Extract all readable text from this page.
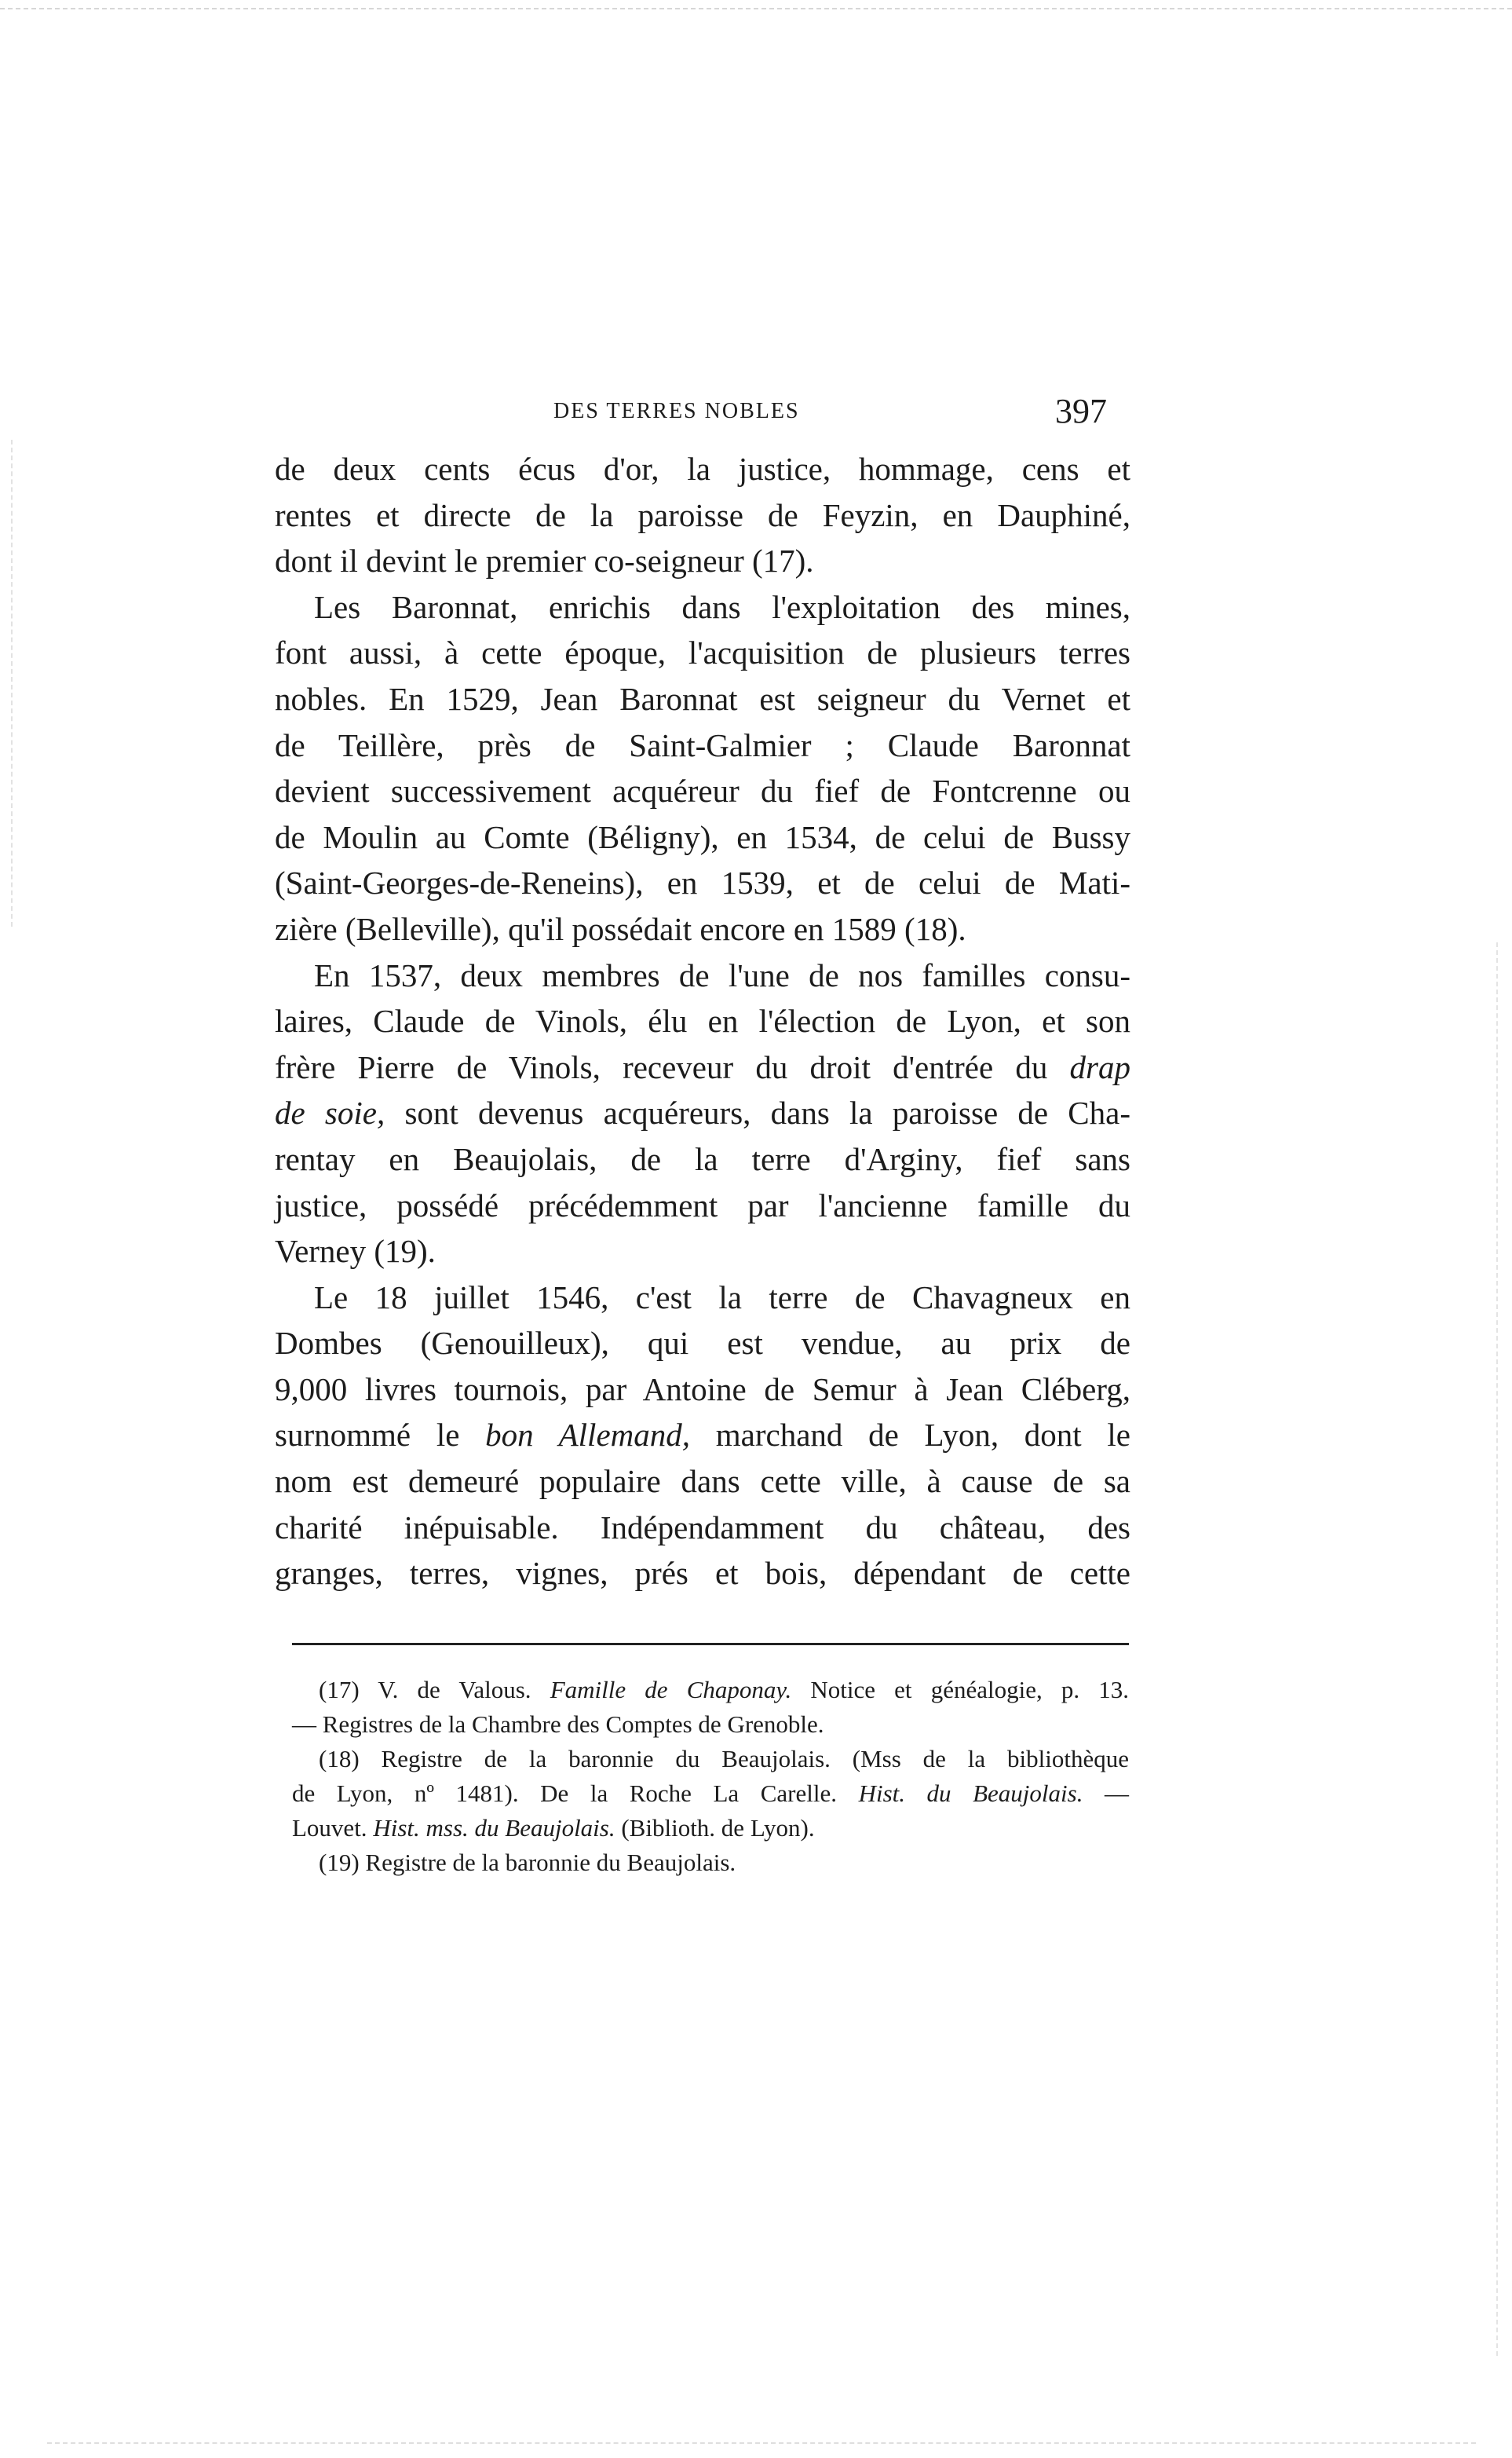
DES TERRES NOBLES	397
de deux cents écus d'or, la justice, hommage, cens et
rentes et directe de la paroisse de Feyzin, en Dauphiné,
dont il devint le premier co-seigneur (17).
Les Baronnat, enrichis dans l'exploitation des mines,
font aussi, à cette époque, l'acquisition de plusieurs terres
nobles. En 1529, Jean Baronnat est seigneur du Vernet et
de Teillère, près de Saint-Galmier ; Claude Baronnat
devient successivement acquéreur du fief de Fontcrenne ou
de Moulin au Comte (Béligny), en 1534, de celui de Bussy
(Saint-Georges-de-Reneins), en 1539, et de celui de Mati-
zière (Belleville), qu'il possédait encore en 1589 (18).
En 1537, deux membres de l'une de nos familles consu-
laires, Claude de Vinols, élu en l'élection de Lyon, et son
frère Pierre de Vinols, receveur du droit d'entrée du drap
de soie, sont devenus acquéreurs, dans la paroisse de Cha-
rentay en Beaujolais, de la terre d'Arginy, fief sans
justice, possédé précédemment par l'ancienne famille du
Verney (19).
Le 18 juillet 1546, c'est la terre de Chavagneux en
Dombes (Genouilleux), qui est vendue, au prix de
9,000 livres tournois, par Antoine de Semur à Jean Cléberg,
surnommé le bon Allemand, marchand de Lyon, dont le
nom est demeuré populaire dans cette ville, à cause de sa
charité inépuisable. Indépendamment du château, des
granges, terres, vignes, prés et bois, dépendant de cette
(17) V. de Valous. Famille de Chaponay. Notice et généalogie, p. 13.
— Registres de la Chambre des Comptes de Grenoble.
(18) Registre de la baronnie du Beaujolais. (Mss de la bibliothèque
de Lyon, nº 1481). De la Roche La Carelle. Hist. du Beaujolais. —
Louvet. Hist. mss. du Beaujolais. (Biblioth. de Lyon).
(19) Registre de la baronnie du Beaujolais.
